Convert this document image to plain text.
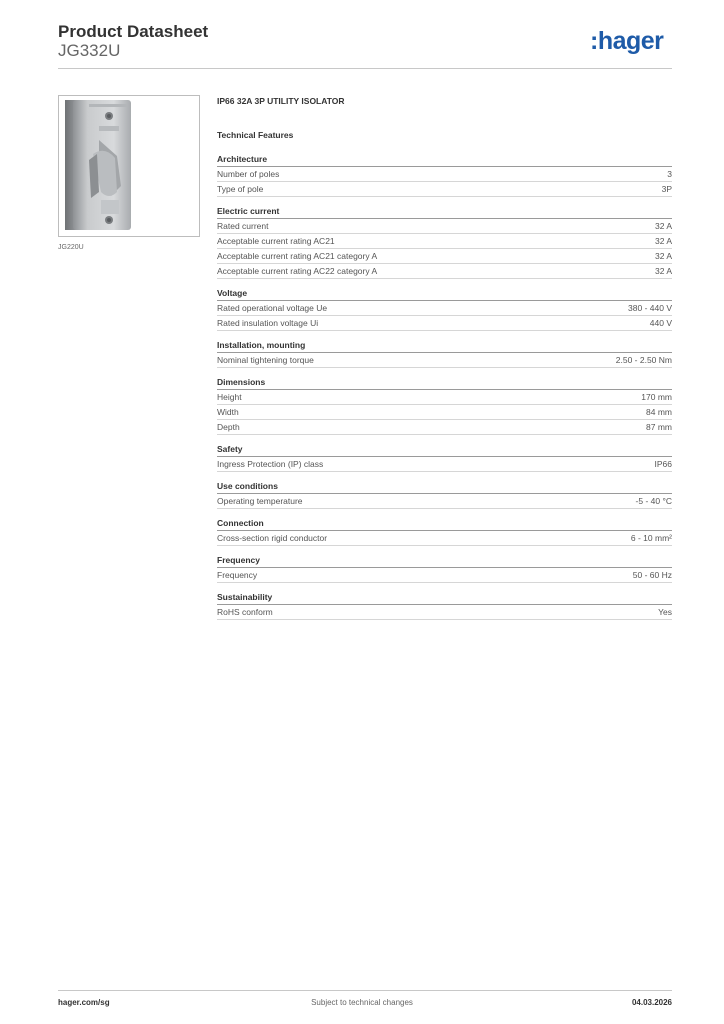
Product Datasheet
JG332U	:hager
JG220U
IP66 32A 3P UTILITY ISOLATOR
Technical Features
Architecture
Number of poles	3
Type of pole	3P
Electric current
Rated current	32 A
Acceptable current rating AC21	32 A
Acceptable current rating AC21 category A	32 A
Acceptable current rating AC22 category A	32 A
Voltage
Rated operational voltage Ue	380 - 440 V
Rated insulation voltage Ui	440 V
Installation, mounting
Nominal tightening torque	2.50 - 2.50 Nm
Dimensions
Height	170 mm
Width	84 mm
Depth	87 mm
Safety
Ingress Protection (IP) class	IP66
Use conditions
Operating temperature	-5 - 40 °C
Connection
Cross-section rigid conductor	6 - 10 mm²
Frequency
Frequency	50 - 60 Hz
Sustainability
RoHS conform	Yes
hager.com/sg	Subject to technical changes	04.03.2026
